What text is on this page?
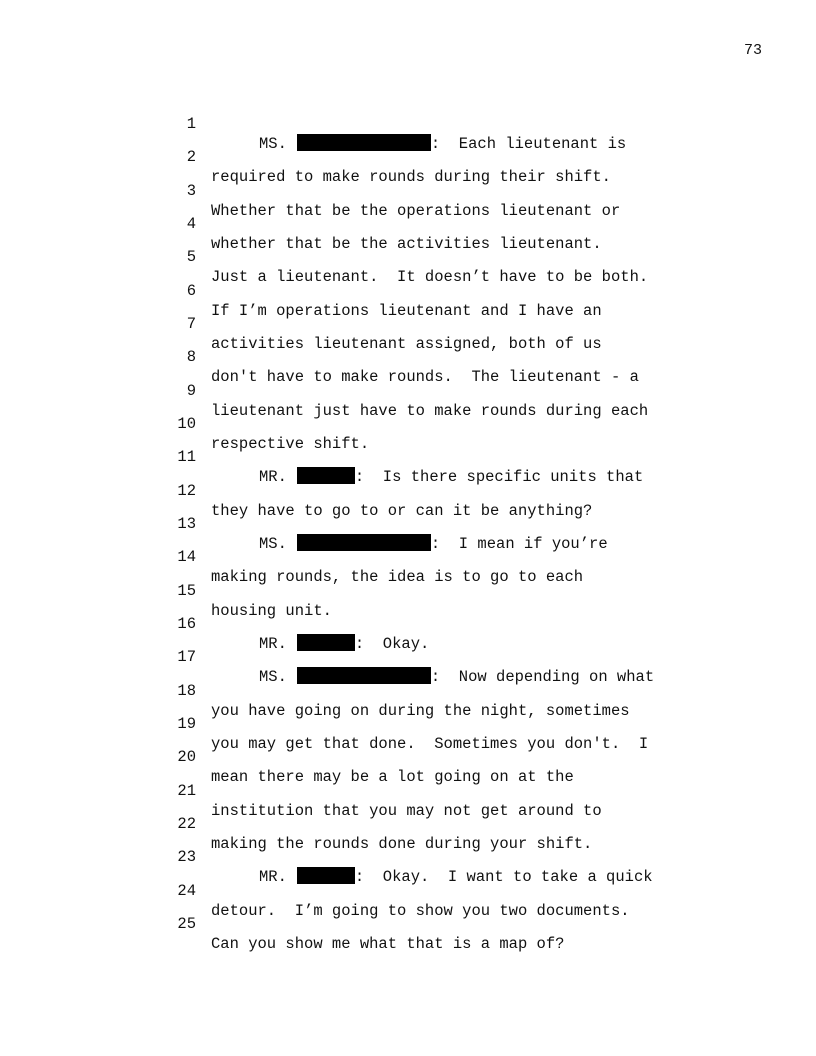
73

1

MS.	:  Each lieutenant is

2

required to make rounds during their shift.

3

Whether that be the operations lieutenant or

4

whether that be the activities lieutenant.

5

Just a lieutenant.  It doesn’t have to be both.

6

If I’m operations lieutenant and I have an

7

activities lieutenant assigned, both of us

8

don't have to make rounds.  The lieutenant - a

9

lieutenant just have to make rounds during each

10

respective shift.

11

MR.	:  Is there specific units that

12

they have to go to or can it be anything?

13

MS.	:  I mean if you’re

14

making rounds, the idea is to go to each

15

housing unit.

16

MR.	:  Okay.

17

MS.	:  Now depending on what

18

you have going on during the night, sometimes

19

you may get that done.  Sometimes you don't.  I

20

mean there may be a lot going on at the

21

institution that you may not get around to

22

making the rounds done during your shift.

23

MR.	:  Okay.  I want to take a quick

24

detour.  I’m going to show you two documents.

25

Can you show me what that is a map of?
